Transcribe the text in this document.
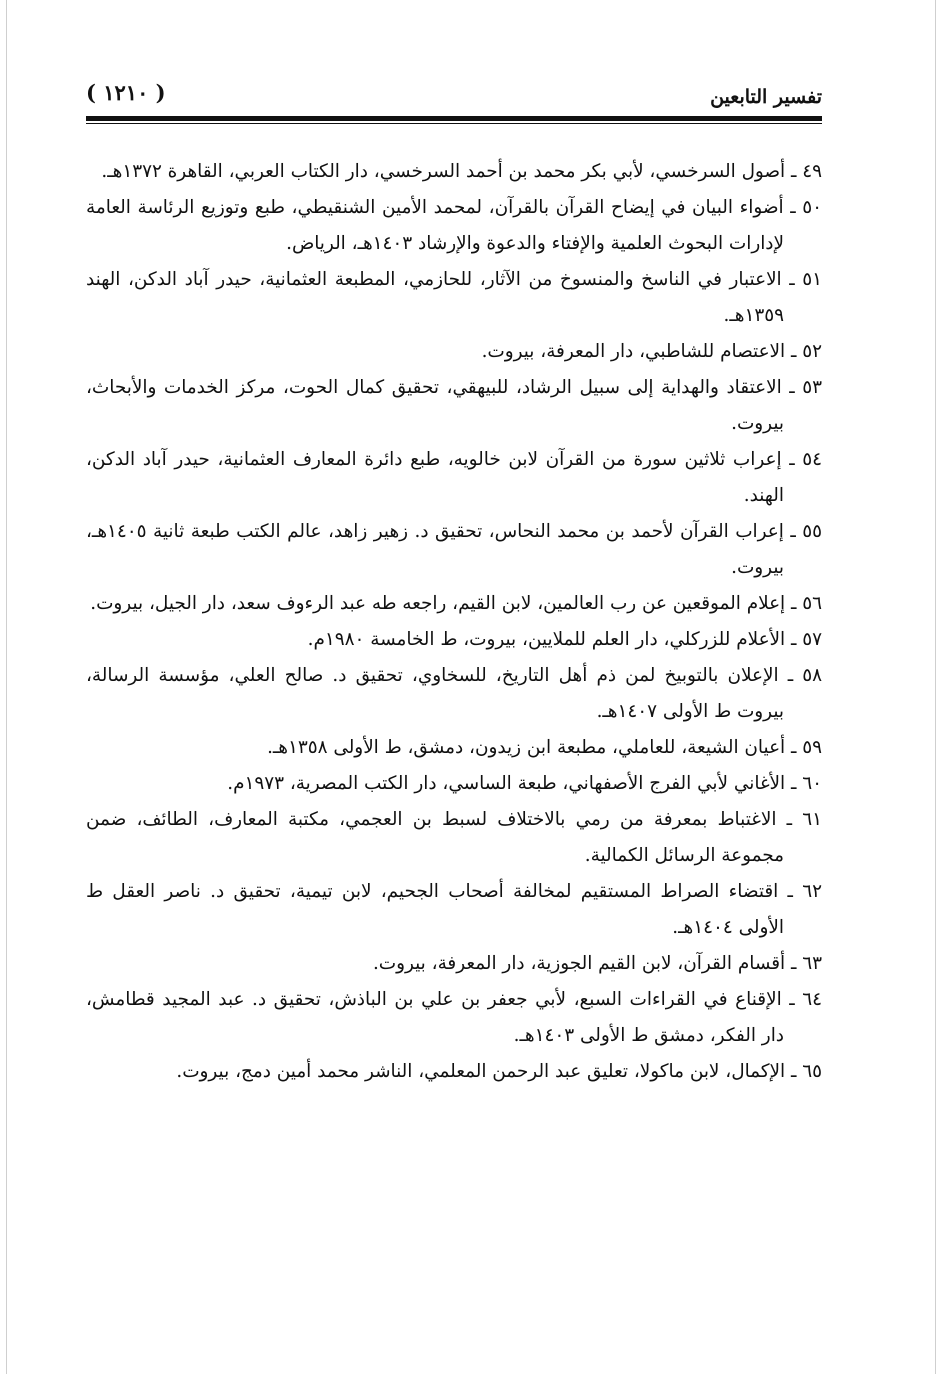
تفسير التابعين
( ١٢١٠ )

٤٩ ـ أصول السرخسي، لأبي بكر محمد بن أحمد السرخسي، دار الكتاب العربي، القاهرة ١٣٧٢هـ.

٥٠ ـ أضواء البيان في إيضاح القرآن بالقرآن، لمحمد الأمين الشنقيطي، طبع وتوزيع الرئاسة العامة لإدارات البحوث العلمية والإفتاء والدعوة والإرشاد ١٤٠٣هـ، الرياض.

٥١ ـ الاعتبار في الناسخ والمنسوخ من الآثار، للحازمي، المطبعة العثمانية، حيدر آباد الدكن، الهند ١٣٥٩هـ.

٥٢ ـ الاعتصام للشاطبي، دار المعرفة، بيروت.

٥٣ ـ الاعتقاد والهداية إلى سبيل الرشاد، للبيهقي، تحقيق كمال الحوت، مركز الخدمات والأبحاث، بيروت.

٥٤ ـ إعراب ثلاثين سورة من القرآن لابن خالويه، طبع دائرة المعارف العثمانية، حيدر آباد الدكن، الهند.

٥٥ ـ إعراب القرآن لأحمد بن محمد النحاس، تحقيق د. زهير زاهد، عالم الكتب طبعة ثانية ١٤٠٥هـ، بيروت.

٥٦ ـ إعلام الموقعين عن رب العالمين، لابن القيم، راجعه طه عبد الرءوف سعد، دار الجيل، بيروت.

٥٧ ـ الأعلام للزركلي، دار العلم للملايين، بيروت، ط الخامسة ١٩٨٠م.

٥٨ ـ الإعلان بالتوبيخ لمن ذم أهل التاريخ، للسخاوي، تحقيق د. صالح العلي، مؤسسة الرسالة، بيروت ط الأولى ١٤٠٧هـ.

٥٩ ـ أعيان الشيعة، للعاملي، مطبعة ابن زيدون، دمشق، ط الأولى ١٣٥٨هـ.

٦٠ ـ الأغاني لأبي الفرج الأصفهاني، طبعة الساسي، دار الكتب المصرية، ١٩٧٣م.

٦١ ـ الاغتباط بمعرفة من رمي بالاختلاف لسبط بن العجمي، مكتبة المعارف، الطائف، ضمن مجموعة الرسائل الكمالية.

٦٢ ـ اقتضاء الصراط المستقيم لمخالفة أصحاب الجحيم، لابن تيمية، تحقيق د. ناصر العقل ط الأولى ١٤٠٤هـ.

٦٣ ـ أقسام القرآن، لابن القيم الجوزية، دار المعرفة، بيروت.

٦٤ ـ الإقناع في القراءات السبع، لأبي جعفر بن علي بن الباذش، تحقيق د. عبد المجيد قطامش، دار الفكر، دمشق ط الأولى ١٤٠٣هـ.

٦٥ ـ الإكمال، لابن ماكولا، تعليق عبد الرحمن المعلمي، الناشر محمد أمين دمج، بيروت.
